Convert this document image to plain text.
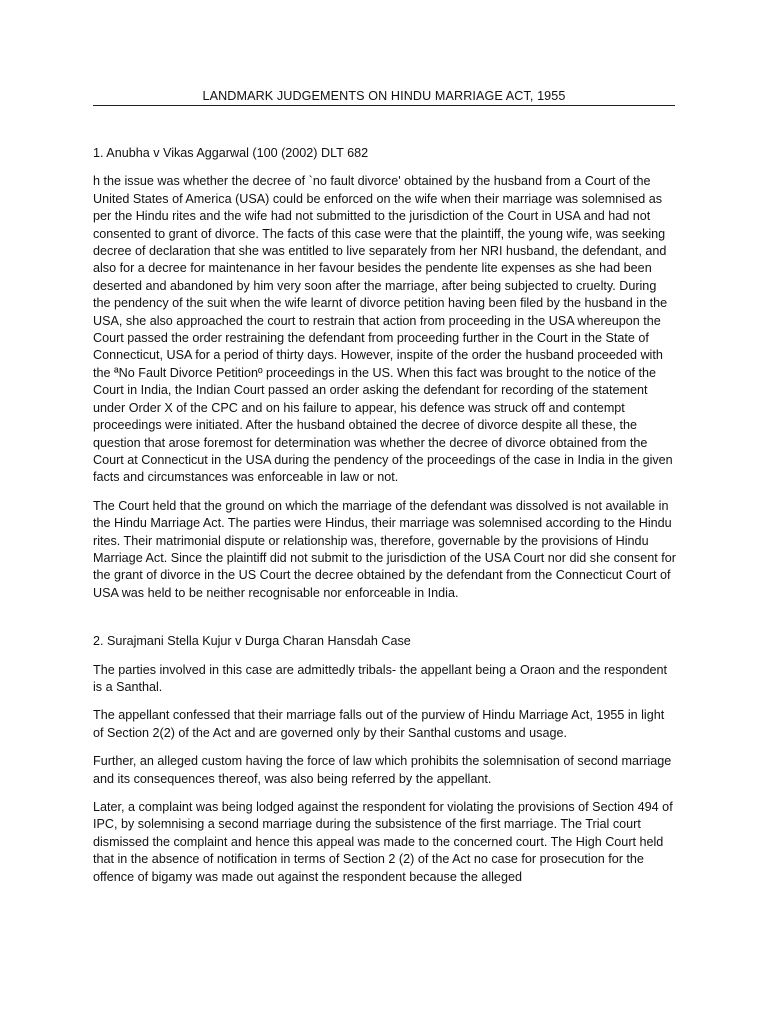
LANDMARK JUDGEMENTS ON HINDU MARRIAGE ACT, 1955
1. Anubha v Vikas Aggarwal (100 (2002) DLT 682

h the issue was whether the decree of `no fault divorce' obtained by the husband from a Court of the United States of America (USA) could be enforced on the wife when their marriage was solemnised as per the Hindu rites and the wife had not submitted to the jurisdiction of the Court in USA and had not consented to grant of divorce. The facts of this case were that the plaintiff, the young wife, was seeking decree of declaration that she was entitled to live separately from her NRI husband, the defendant, and also for a decree for maintenance in her favour besides the pendente lite expenses as she had been deserted and abandoned by him very soon after the marriage, after being subjected to cruelty. During the pendency of the suit when the wife learnt of divorce petition having been filed by the husband in the USA, she also approached the court to restrain that action from proceeding in the USA whereupon the Court passed the order restraining the defendant from proceeding further in the Court in the State of Connecticut, USA for a period of thirty days. However, inspite of the order the husband proceeded with the ªNo Fault Divorce Petitionº proceedings in the US. When this fact was brought to the notice of the Court in India, the Indian Court passed an order asking the defendant for recording of the statement under Order X of the CPC and on his failure to appear, his defence was struck off and contempt proceedings were initiated. After the husband obtained the decree of divorce despite all these, the question that arose foremost for determination was whether the decree of divorce obtained from the Court at Connecticut in the USA during the pendency of the proceedings of the case in India in the given facts and circumstances was enforceable in law or not.

The Court held that the ground on which the marriage of the defendant was dissolved is not available in the Hindu Marriage Act. The parties were Hindus, their marriage was solemnised according to the Hindu rites. Their matrimonial dispute or relationship was, therefore, governable by the provisions of Hindu Marriage Act. Since the plaintiff did not submit to the jurisdiction of the USA Court nor did she consent for the grant of divorce in the US Court the decree obtained by the defendant from the Connecticut Court of USA was held to be neither recognisable nor enforceable in India.

2. Surajmani Stella Kujur v Durga Charan Hansdah Case

The parties involved in this case are admittedly tribals- the appellant being a Oraon and the respondent is a Santhal.

The appellant confessed that their marriage falls out of the purview of Hindu Marriage Act, 1955 in light of Section 2(2) of the Act and are governed only by their Santhal customs and usage.

Further, an alleged custom having the force of law which prohibits the solemnisation of second marriage and its consequences thereof, was also being referred by the appellant.

Later, a complaint was being lodged against the respondent for violating the provisions of Section 494 of IPC, by solemnising a second marriage during the subsistence of the first marriage. The Trial court dismissed the complaint and hence this appeal was made to the concerned court. The High Court held that in the absence of notification in terms of Section 2 (2) of the Act no case for prosecution for the offence of bigamy was made out against the respondent because the alleged
